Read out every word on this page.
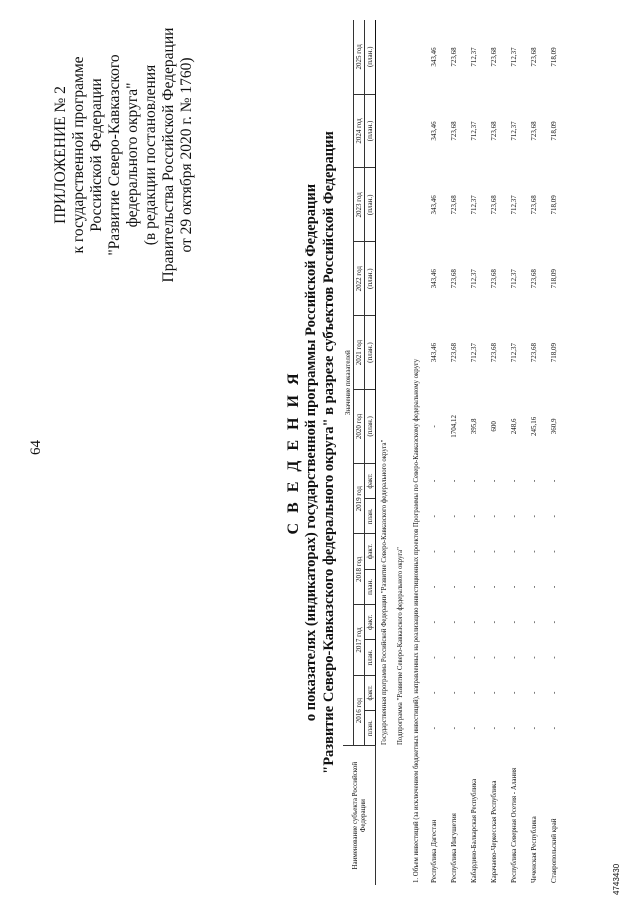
64
ПРИЛОЖЕНИЕ № 2 к государственной программе Российской Федерации "Развитие Северо-Кавказского федерального округа" (в редакции постановления Правительства Российской Федерации от 29 октября 2020 г. № 1760)
С В Е Д Е Н И Я о показателях (индикаторах) государственной программы Российской Федерации "Развитие Северо-Кавказского федерального округа" в разрезе субъектов Российской Федерации
Наименование субъекта Российской Федерации	Значение показателей													
	2016 год		2017 год		2018 год		2019 год		2020 год	2021 год	2022 год	2023 год	2024 год	2025 год
	план.	факт.	план.	факт.	план.	факт.	план.	факт.	(план.)	(план.)	(план.)	(план.)	(план.)	(план.)
Государственная программа Российской Федерации "Развитие Северо-Кавказского федерального округа"														
Подпрограмма "Развитие Северо-Кавказского федерального округа"														
1. Объем инвестиций (за исключением бюджетных инвестиций), направленных на реализацию инвестиционных проектов Программы по Северо-Кавказскому федеральному округу														
Республика Дагестан	-	-	-	-	-	-	-	-	-	343,46	343,46	343,46	343,46	343,46
Республика Ингушетия	-	-	-	-	-	-	-	-	1704,12	723,68	723,68	723,68	723,68	723,68
Кабардино-Балкарская Республика	-	-	-	-	-	-	-	-	395,8	712,37	712,37	712,37	712,37	712,37
Карачаево-Черкесская Республика	-	-	-	-	-	-	-	-	600	723,68	723,68	723,68	723,68	723,68
Республика Северная Осетия - Алания	-	-	-	-	-	-	-	-	248,6	712,37	712,37	712,37	712,37	712,37
Чеченская Республика	-	-	-	-	-	-	-	-	245,16	723,68	723,68	723,68	723,68	723,68
Ставропольский край	-	-	-	-	-	-	-	-	360,9	718,09	718,09	718,09	718,09	718,09
4743430
